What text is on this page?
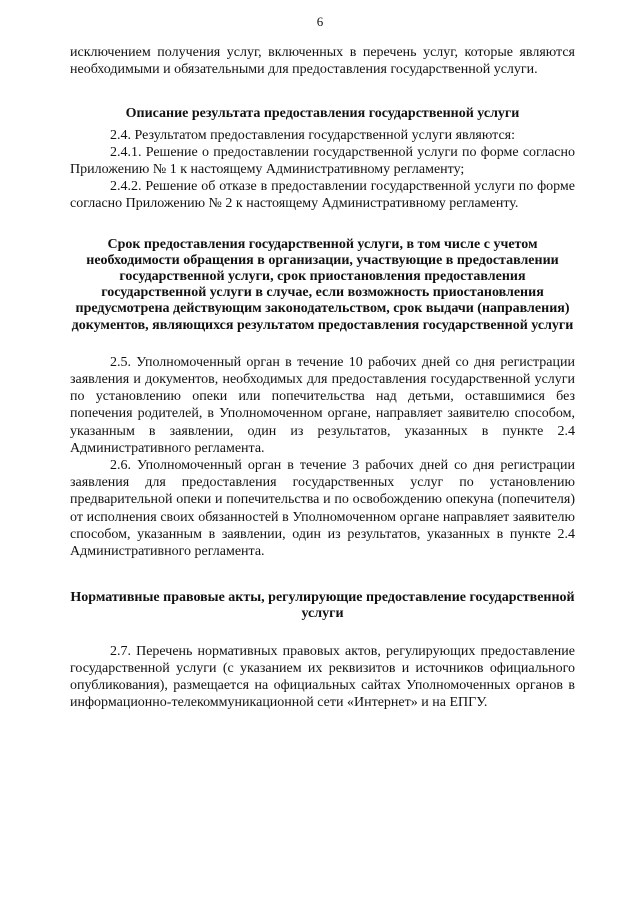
6

исключением получения услуг, включенных в перечень услуг, которые являются необходимыми и обязательными для предоставления государственной услуги.

Описание результата предоставления государственной услуги

2.4. Результатом предоставления государственной услуги являются:

2.4.1. Решение о предоставлении государственной услуги по форме согласно Приложению № 1 к настоящему Административному регламенту;

2.4.2. Решение об отказе в предоставлении государственной услуги по форме согласно Приложению № 2 к настоящему Административному регламенту.

Срок предоставления государственной услуги, в том числе с учетом необходимости обращения в организации, участвующие в предоставлении государственной услуги, срок приостановления предоставления государственной услуги в случае, если возможность приостановления предусмотрена действующим законодательством, срок выдачи (направления) документов, являющихся результатом предоставления государственной услуги

2.5. Уполномоченный орган в течение 10 рабочих дней со дня регистрации заявления и документов, необходимых для предоставления государственной услуги по установлению опеки или попечительства над детьми, оставшимися без попечения родителей, в Уполномоченном органе, направляет заявителю способом, указанным в заявлении, один из результатов, указанных в пункте 2.4 Административного регламента.

2.6. Уполномоченный орган в течение 3 рабочих дней со дня регистрации заявления для предоставления государственных услуг по установлению предварительной опеки и попечительства и по освобождению опекуна (попечителя) от исполнения своих обязанностей в Уполномоченном органе направляет заявителю способом, указанным в заявлении, один из результатов, указанных в пункте 2.4 Административного регламента.

Нормативные правовые акты, регулирующие предоставление государственной услуги

2.7. Перечень нормативных правовых актов, регулирующих предоставление государственной услуги (с указанием их реквизитов и источников официального опубликования), размещается на официальных сайтах Уполномоченных органов в информационно-телекоммуникационной сети «Интернет» и на ЕПГУ.
